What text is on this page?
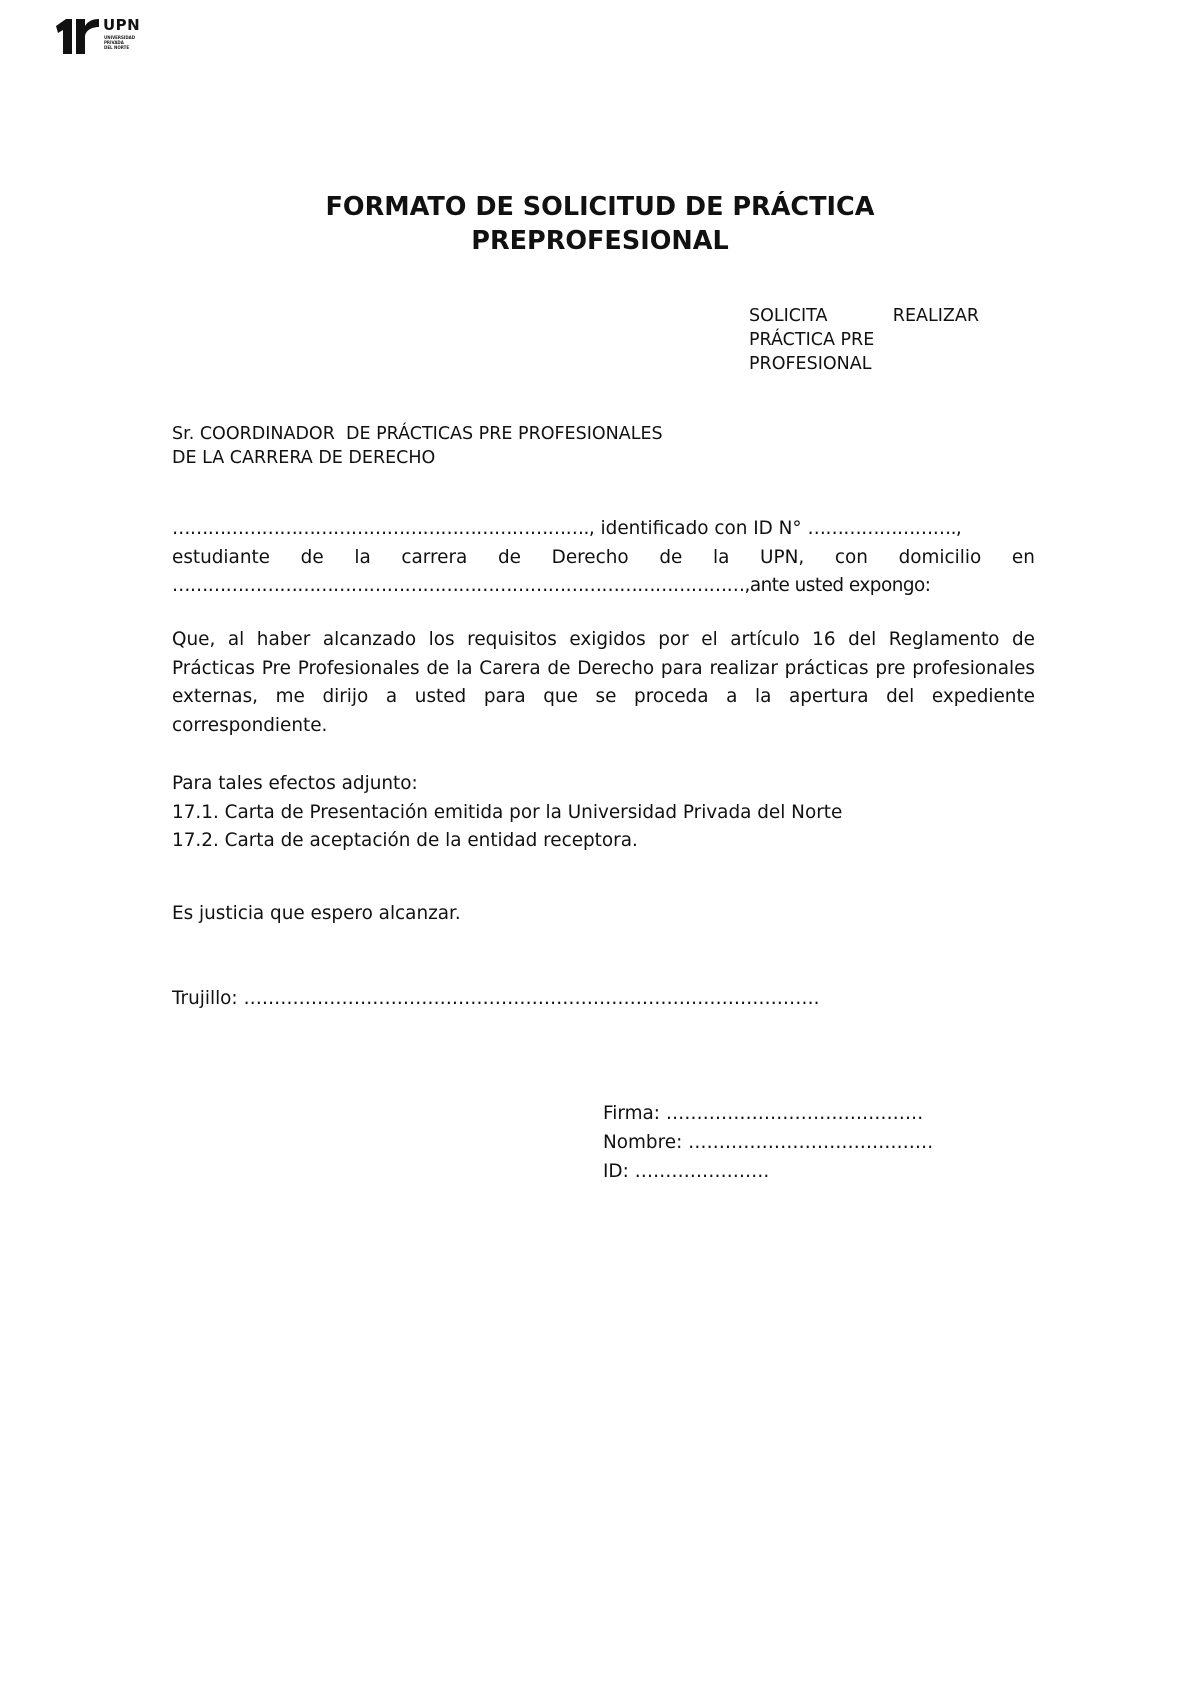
UPN
UNIVERSIDAD
PRIVADA
DEL NORTE
FORMATO DE SOLICITUD DE PRÁCTICA
PREPROFESIONAL
SOLICITA	REALIZAR
PRÁCTICA PRE
PROFESIONAL
Sr. COORDINADOR  DE PRÁCTICAS PRE PROFESIONALES
DE LA CARRERA DE DERECHO
……………………………………………………………., identificado con ID N° …………………….,
estudiante de la carrera de Derecho de la UPN, con domicilio en
……………………………………………………………………………………,ante usted expongo:

Que, al haber alcanzado los requisitos exigidos por el artículo 16 del Reglamento de Prácticas Pre Profesionales de la Carera de Derecho para realizar prácticas pre profesionales externas, me dirijo a usted para que se proceda a la apertura del expediente correspondiente.

Para tales efectos adjunto:
17.1. Carta de Presentación emitida por la Universidad Privada del Norte
17.2. Carta de aceptación de la entidad receptora.
Es justicia que espero alcanzar.
Trujillo: ………………………………………………………………………………….
Firma: ……………………………………
Nombre: ………………………………….
ID: ………………….
